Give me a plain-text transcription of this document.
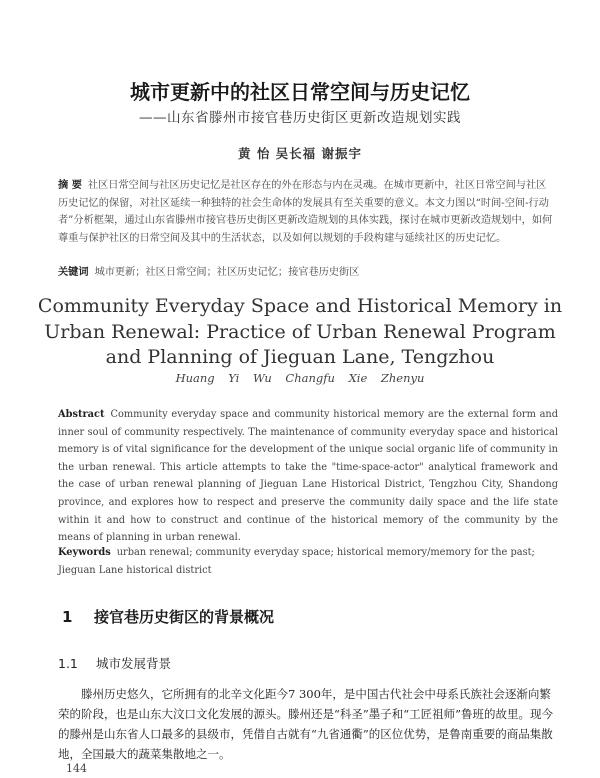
城市更新中的社区日常空间与历史记忆
——山东省滕州市接官巷历史街区更新改造规划实践
黄 怡 吴长福 谢振宇

摘 要 社区日常空间与社区历史记忆是社区存在的外在形态与内在灵魂。在城市更新中，社区日常空间与社区历史记忆的保留，对社区延续一种独特的社会生命体的发展具有至关重要的意义。本文力图以“时间-空间-行动者”分析框架，通过山东省滕州市接官巷历史街区更新改造规划的具体实践，探讨在城市更新改造规划中，如何尊重与保护社区的日常空间及其中的生活状态，以及如何以规划的手段构建与延续社区的历史记忆。

关键词 城市更新；社区日常空间；社区历史记忆；接官巷历史街区

Community Everyday Space and Historical Memory in Urban Renewal: Practice of Urban Renewal Program and Planning of Jieguan Lane, Tengzhou

Huang Yi Wu Changfu Xie Zhenyu

Abstract Community everyday space and community historical memory are the external form and inner soul of community respectively. The maintenance of community everyday space and historical memory is of vital significance for the development of the unique social organic life of community in the urban renewal. This article attempts to take the "time-space-actor" analytical framework and the case of urban renewal planning of Jieguan Lane Historical District, Tengzhou City, Shandong province, and explores how to respect and preserve the community daily space and the life state within it and how to construct and continue of the historical memory of the community by the means of planning in urban renewal.

Keywords urban renewal; community everyday space; historical memory/memory for the past; Jieguan Lane historical district

1 接官巷历史街区的背景概况
1.1 城市发展背景

滕州历史悠久，它所拥有的北辛文化距今7 300年，是中国古代社会中母系氏族社会逐渐向繁荣的阶段，也是山东大汶口文化发展的源头。滕州还是“科圣”墨子和“工匠祖师”鲁班的故里。现今的滕州是山东省人口最多的县级市，凭借自古就有“九省通衢”的区位优势，是鲁南重要的商品集散地，全国最大的蔬菜集散地之一。

144
